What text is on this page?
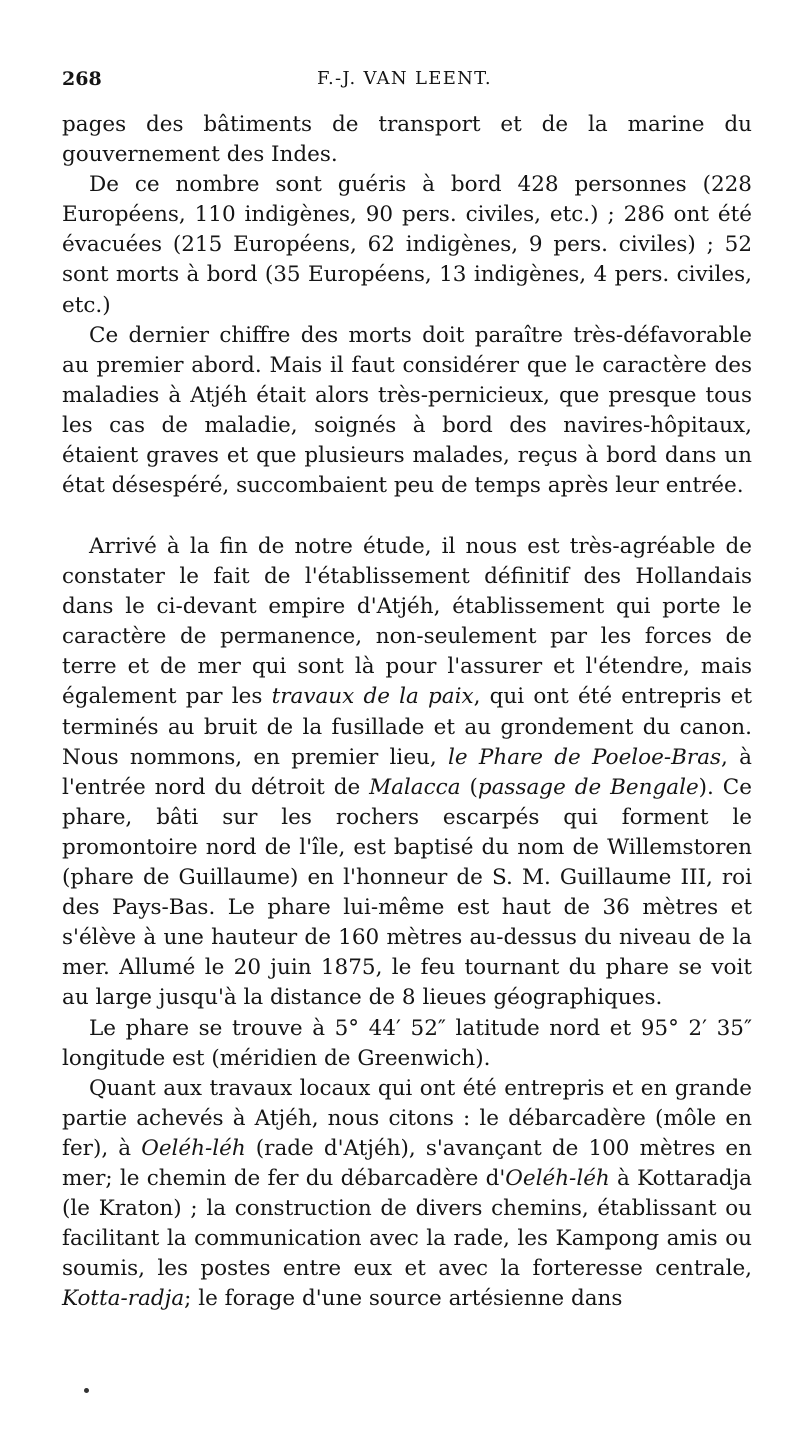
268	F.-J. VAN LEENT.

pages des bâtiments de transport et de la marine du gouvernement des Indes.

De ce nombre sont guéris à bord 428 personnes (228 Européens, 110 indigènes, 90 pers. civiles, etc.) ; 286 ont été évacuées (215 Européens, 62 indigènes, 9 pers. civiles) ; 52 sont morts à bord (35 Européens, 13 indigènes, 4 pers. civiles, etc.)

Ce dernier chiffre des morts doit paraître très-défavorable au premier abord. Mais il faut considérer que le caractère des maladies à Atjéh était alors très-pernicieux, que presque tous les cas de maladie, soignés à bord des navires-hôpitaux, étaient graves et que plusieurs malades, reçus à bord dans un état désespéré, succombaient peu de temps après leur entrée.

Arrivé à la fin de notre étude, il nous est très-agréable de constater le fait de l'établissement définitif des Hollandais dans le ci-devant empire d'Atjéh, établissement qui porte le caractère de permanence, non-seulement par les forces de terre et de mer qui sont là pour l'assurer et l'étendre, mais également par les travaux de la paix, qui ont été entrepris et terminés au bruit de la fusillade et au grondement du canon. Nous nommons, en premier lieu, le Phare de Poeloe-Bras, à l'entrée nord du détroit de Malacca (passage de Bengale). Ce phare, bâti sur les rochers escarpés qui forment le promontoire nord de l'île, est baptisé du nom de Willemstoren (phare de Guillaume) en l'honneur de S. M. Guillaume III, roi des Pays-Bas. Le phare lui-même est haut de 36 mètres et s'élève à une hauteur de 160 mètres au-dessus du niveau de la mer. Allumé le 20 juin 1875, le feu tournant du phare se voit au large jusqu'à la distance de 8 lieues géographiques.

Le phare se trouve à 5° 44′ 52″ latitude nord et 95° 2′ 35″ longitude est (méridien de Greenwich).

Quant aux travaux locaux qui ont été entrepris et en grande partie achevés à Atjéh, nous citons : le débarcadère (môle en fer), à Oeléh-léh (rade d'Atjéh), s'avançant de 100 mètres en mer; le chemin de fer du débarcadère d'Oeléh-léh à Kottaradja (le Kraton) ; la construction de divers chemins, établissant ou facilitant la communication avec la rade, les Kampong amis ou soumis, les postes entre eux et avec la forteresse centrale, Kotta-radja; le forage d'une source artésienne dans
